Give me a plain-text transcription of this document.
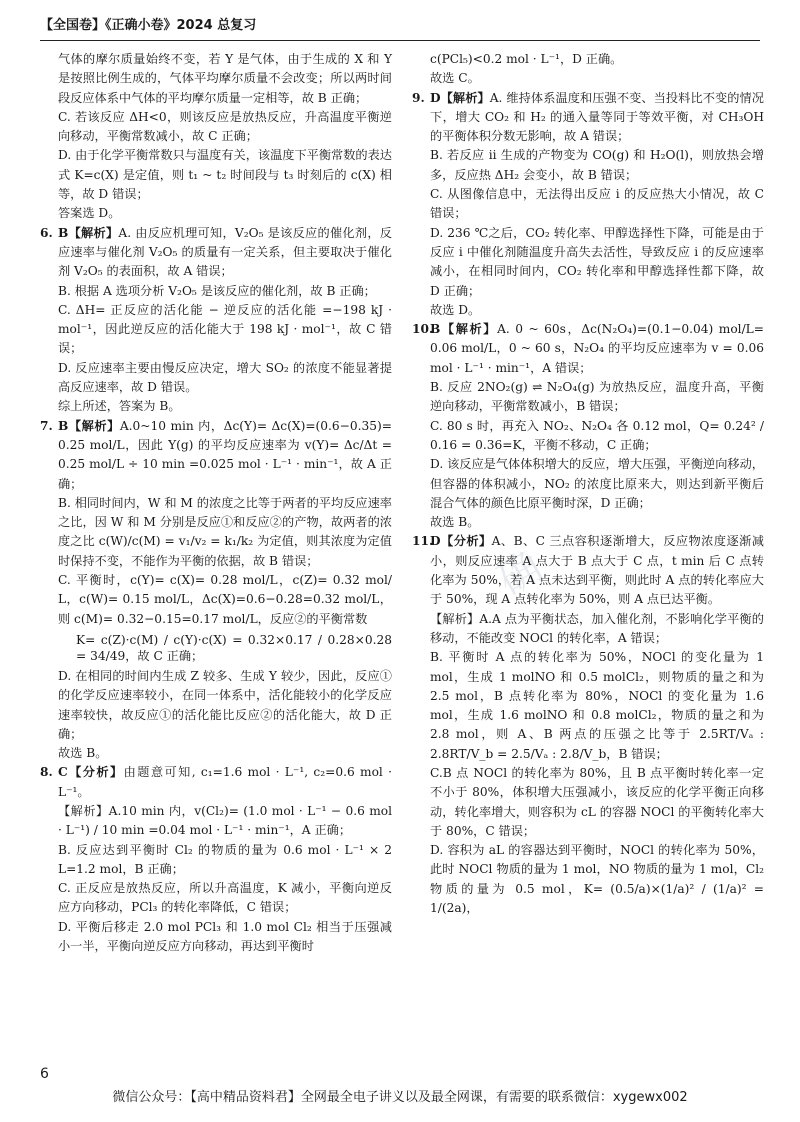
【全国卷】《正确小卷》2024 总复习
确

气体的摩尔质量始终不变，若 Y 是气体，由于生成的 X 和 Y 是按照比例生成的，气体平均摩尔质量不会改变；所以两时间段反应体系中气体的平均摩尔质量一定相等，故 B 正确；

C. 若该反应 ΔH<0，则该反应是放热反应，升高温度平衡逆向移动，平衡常数减小，故 C 正确；

D. 由于化学平衡常数只与温度有关，该温度下平衡常数的表达式 K=c(X) 是定值，则 t₁ ~ t₂ 时间段与 t₃ 时刻后的 c(X) 相等，故 D 错误；

答案选 D。

6. B【解析】A. 由反应机理可知，V₂O₅ 是该反应的催化剂，反应速率与催化剂 V₂O₅ 的质量有一定关系，但主要取决于催化剂 V₂O₅ 的表面积，故 A 错误；

B. 根据 A 选项分析 V₂O₅ 是该反应的催化剂，故 B 正确；

C. ΔH= 正反应的活化能 − 逆反应的活化能 =−198 kJ · mol⁻¹，因此逆反应的活化能大于 198 kJ · mol⁻¹，故 C 错误；

D. 反应速率主要由慢反应决定，增大 SO₂ 的浓度不能显著提高反应速率，故 D 错误。

综上所述，答案为 B。

7. B【解析】A.0~10 min 内，Δc(Y)= Δc(X)=(0.6−0.35)= 0.25 mol/L，因此 Y(g) 的平均反应速率为 v(Y)= Δc/Δt = 0.25 mol/L ÷ 10 min =0.025 mol · L⁻¹ · min⁻¹，故 A 正确；

B. 相同时间内，W 和 M 的浓度之比等于两者的平均反应速率之比，因 W 和 M 分别是反应①和反应②的产物，故两者的浓度之比 c(W)/c(M) = v₁/v₂ = k₁/k₂ 为定值，则其浓度为定值时保持不变，不能作为平衡的依据，故 B 错误；

C. 平衡时，c(Y)= c(X)= 0.28 mol/L，c(Z)= 0.32 mol/ L，c(W)= 0.15 mol/L，Δc(X)=0.6−0.28=0.32 mol/L，则 c(M)= 0.32−0.15=0.17 mol/L，反应②的平衡常数

K= c(Z)·c(M) / c(Y)·c(X) = 0.32×0.17 / 0.28×0.28 = 34/49，故 C 正确；

D. 在相同的时间内生成 Z 较多、生成 Y 较少，因此，反应①的化学反应速率较小，在同一体系中，活化能较小的化学反应速率较快，故反应①的活化能比反应②的活化能大，故 D 正确；

故选 B。

8. C【分析】由题意可知, c₁=1.6 mol · L⁻¹, c₂=0.6 mol · L⁻¹。

【解析】A.10 min 内，v(Cl₂)= (1.0 mol · L⁻¹ − 0.6 mol · L⁻¹) / 10 min =0.04 mol · L⁻¹ · min⁻¹，A 正确；

B. 反应达到平衡时 Cl₂ 的物质的量为 0.6 mol · L⁻¹ × 2 L=1.2 mol，B 正确；

C. 正反应是放热反应，所以升高温度，K 减小，平衡向逆反应方向移动，PCl₃ 的转化率降低，C 错误；

D. 平衡后移走 2.0 mol PCl₃ 和 1.0 mol Cl₂ 相当于压强减小一半，平衡向逆反应方向移动，再达到平衡时

c(PCl₅)<0.2 mol · L⁻¹，D 正确。

故选 C。

9. D【解析】A. 维持体系温度和压强不变、当投料比不变的情况下，增大 CO₂ 和 H₂ 的通入量等同于等效平衡，对 CH₃OH 的平衡体积分数无影响，故 A 错误；

B. 若反应 ii 生成的产物变为 CO(g) 和 H₂O(l)，则放热会增多，反应热 ΔH₂ 会变小，故 B 错误；

C. 从图像信息中，无法得出反应 i 的反应热大小情况，故 C 错误；

D. 236 ℃之后，CO₂ 转化率、甲醇选择性下降，可能是由于反应 i 中催化剂随温度升高失去活性，导致反应 i 的反应速率减小，在相同时间内，CO₂ 转化率和甲醇选择性都下降，故 D 正确；

故选 D。

10.
B【解析】A. 0 ~ 60s，Δc(N₂O₄)=(0.1−0.04) mol/L= 0.06 mol/L，0 ~ 60 s，N₂O₄ 的平均反应速率为 v = 0.06 mol · L⁻¹ · min⁻¹，A 错误；

B. 反应 2NO₂(g) ⇌ N₂O₄(g) 为放热反应，温度升高，平衡逆向移动，平衡常数减小，B 错误；

C. 80 s 时，再充入 NO₂、N₂O₄ 各 0.12 mol，Q= 0.24² / 0.16 = 0.36=K，平衡不移动，C 正确；

D. 该反应是气体体积增大的反应，增大压强，平衡逆向移动，但容器的体积减小，NO₂ 的浓度比原来大，则达到新平衡后混合气体的颜色比原平衡时深，D 正确；

故选 B。

11.
D【分析】A、B、C 三点容积逐渐增大，反应物浓度逐渐减小，则反应速率 A 点大于 B 点大于 C 点，t min 后 C 点转化率为 50%，若 A 点未达到平衡，则此时 A 点的转化率应大于 50%，现 A 点转化率为 50%，则 A 点已达平衡。

【解析】A.A 点为平衡状态，加入催化剂，不影响化学平衡的移动，不能改变 NOCl 的转化率，A 错误；

B. 平衡时 A 点的转化率为 50%，NOCl 的变化量为 1 mol，生成 1 molNO 和 0.5 molCl₂，则物质的量之和为 2.5 mol，B 点转化率为 80%，NOCl 的变化量为 1.6 mol，生成 1.6 molNO 和 0.8 molCl₂，物质的量之和为 2.8 mol，则 A、B 两点的压强之比等于 2.5RT/Vₐ : 2.8RT/V_b = 2.5/Vₐ : 2.8/V_b，B 错误；

C.B 点 NOCl 的转化率为 80%，且 B 点平衡时转化率一定不小于 80%，体积增大压强减小，该反应的化学平衡正向移动，转化率增大，则容积为 cL 的容器 NOCl 的平衡转化率大于 80%，C 错误；

D. 容积为 aL 的容器达到平衡时，NOCl 的转化率为 50%，此时 NOCl 物质的量为 1 mol，NO 物质的量为 1 mol，Cl₂ 物质的量为 0.5 mol，K= (0.5/a)×(1/a)² / (1/a)² = 1/(2a)，

6
微信公众号：【高中精品资料君】全网最全电子讲义以及最全网课，有需要的联系微信：xygewx002
